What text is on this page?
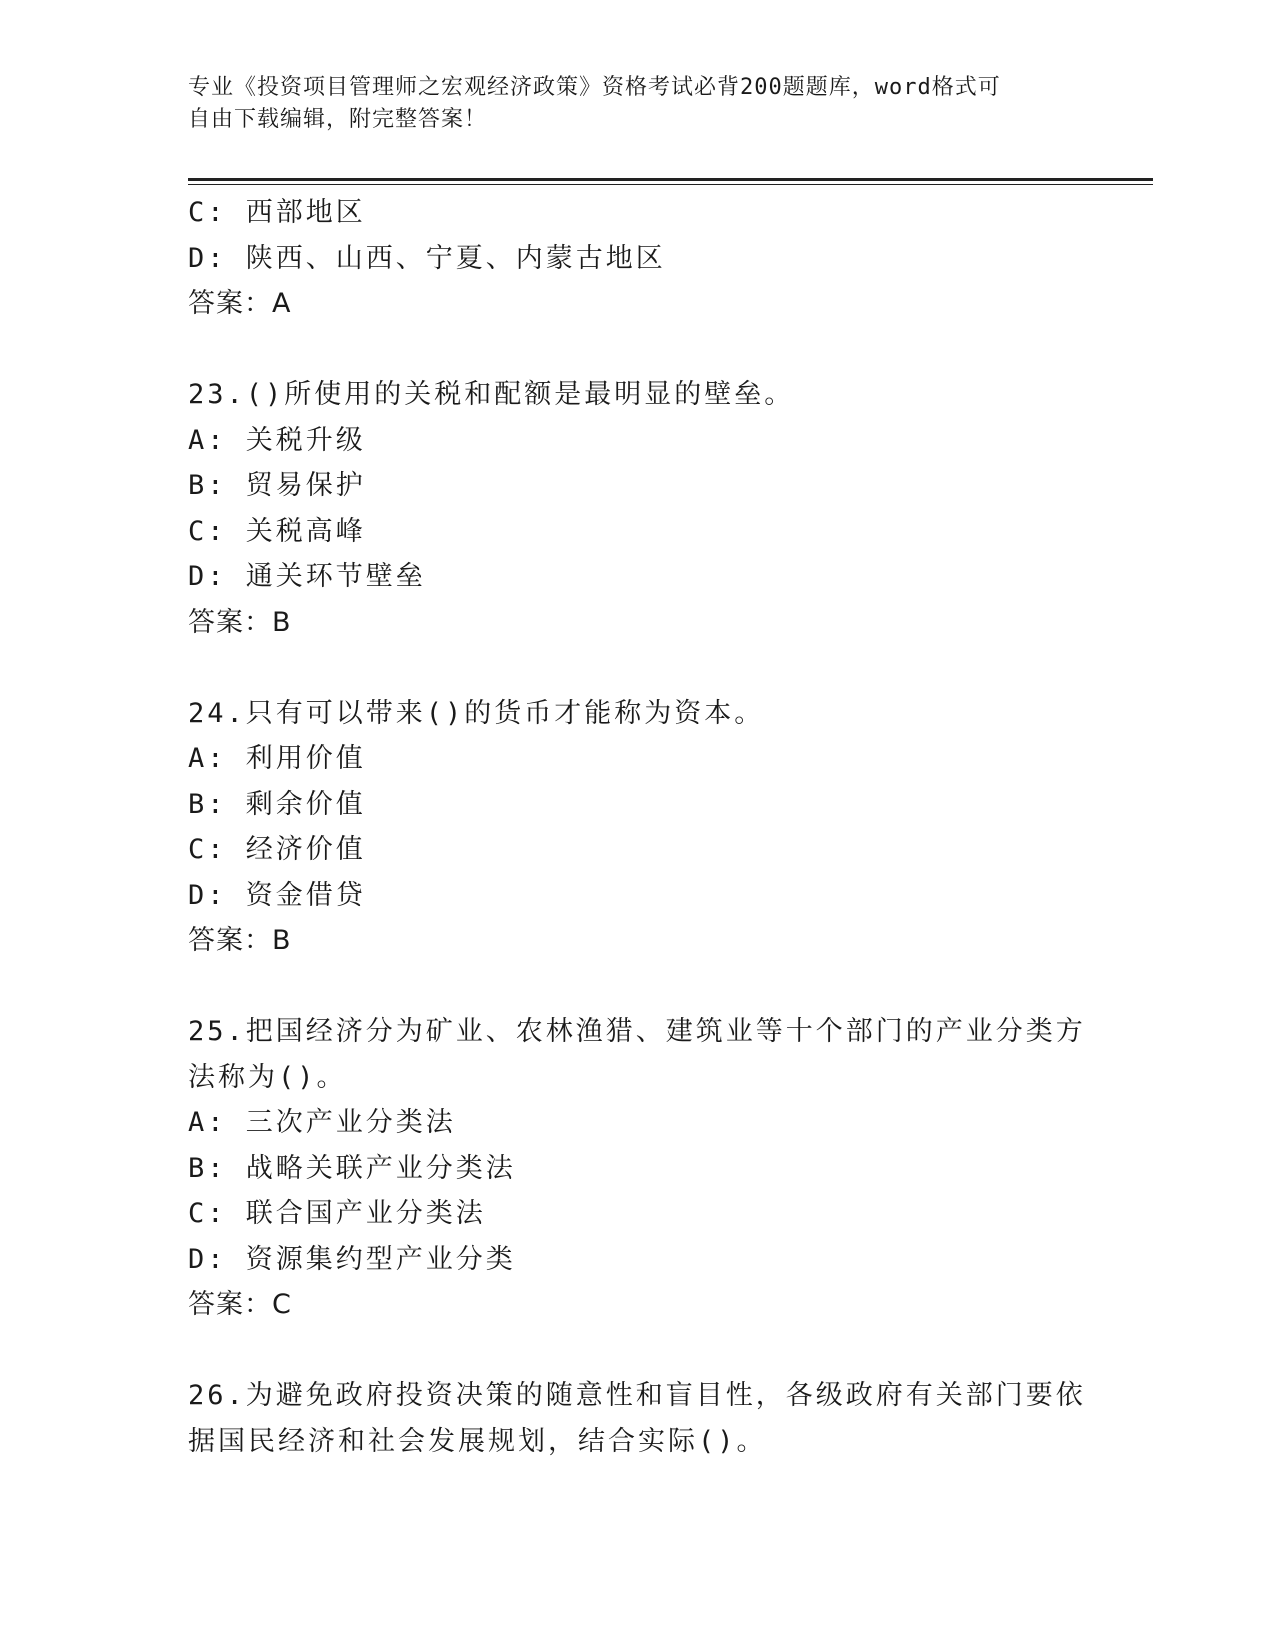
专业《投资项目管理师之宏观经济政策》资格考试必背200题题库，word格式可
自由下载编辑，附完整答案！
C: 西部地区
D: 陕西、山西、宁夏、内蒙古地区
答案：A
23.()所使用的关税和配额是最明显的壁垒。
A: 关税升级
B: 贸易保护
C: 关税高峰
D: 通关环节壁垒
答案：B
24.只有可以带来()的货币才能称为资本。
A: 利用价值
B: 剩余价值
C: 经济价值
D: 资金借贷
答案：B
25.把国经济分为矿业、农林渔猎、建筑业等十个部门的产业分类方法称为()。
A: 三次产业分类法
B: 战略关联产业分类法
C: 联合国产业分类法
D: 资源集约型产业分类
答案：C
26.为避免政府投资决策的随意性和盲目性，各级政府有关部门要依据国民经济和社会发展规划，结合实际()。
